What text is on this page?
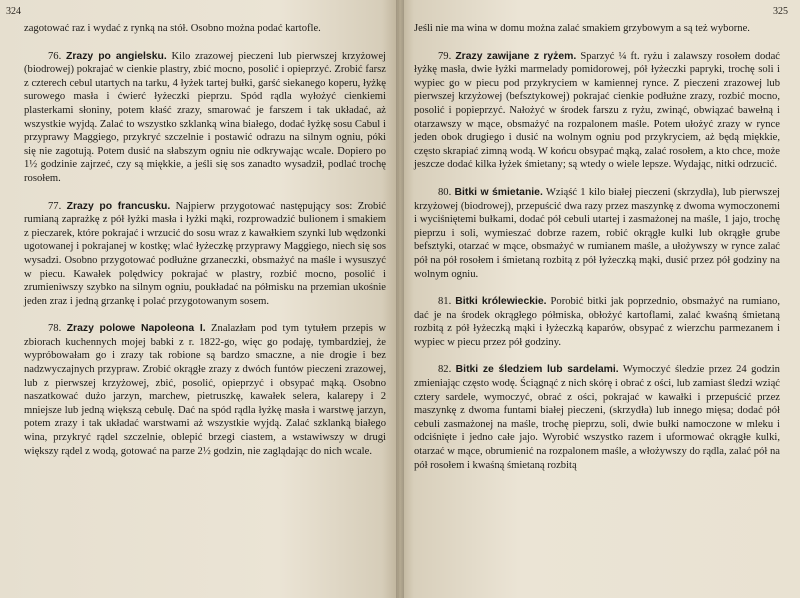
324

zagotować raz i wydać z rynką na stół. Osobno można podać kartofle.

76. Zrazy po angielsku. Kilo zrazowej pieczeni lub pierwszej krzyżowej (biodrowej) pokrajać w cienkie plastry, zbić mocno, posolić i opieprzyć. Zrobić farsz z czterech cebul utartych na tarku, 4 łyżek tartej bułki, garść siekanego koperu, łyżkę surowego masła i ćwierć łyżeczki pieprzu. Spód rądla wyłożyć cienkiemi plasterkami słoniny, potem kłaść zrazy, smarować je farszem i tak układać, aż wszystkie wyjdą. Zalać to wszystko szklanką wina białego, dodać łyżkę sosu Cabul i przyprawy Maggiego, przykryć szczelnie i postawić odrazu na silnym ogniu, póki się nie zagotują. Potem dusić na słabszym ogniu nie odkrywając wcale. Dopiero po 1½ godzinie zajrzeć, czy są miękkie, a jeśli się sos zanadto wysadził, podlać trochę rosołem.

77. Zrazy po francusku. Najpierw przygotować następujący sos: Zrobić rumianą zaprażkę z pół łyżki masła i łyżki mąki, rozprowadzić bulionem i smakiem z pieczarek, które pokrajać i wrzucić do sosu wraz z kawałkiem szynki lub wędzonki ugotowanej i pokrajanej w kostkę; wlać łyżeczkę przyprawy Maggiego, niech się sos wysadzi. Osobno przygotować podłużne grzaneczki, obsmażyć na maśle i wysuszyć w piecu. Kawałek polędwicy pokrajać w plastry, rozbić mocno, posolić i zrumieniwszy szybko na silnym ogniu, poukładać na półmisku na przemian ukośnie jeden zraz i jedną grzankę i polać przygotowanym sosem.

78. Zrazy polowe Napoleona I. Znalazłam pod tym tytułem przepis w zbiorach kuchennych mojej babki z r. 1822-go, więc go podaję, tymbardziej, że wypróbowałam go i zrazy tak robione są bardzo smaczne, a nie drogie i bez nadzwyczajnych przypraw. Zrobić okrągłe zrazy z dwóch funtów pieczeni zrazowej, lub z pierwszej krzyżowej, zbić, posolić, opieprzyć i obsypać mąką. Osobno naszatkować dużo jarzyn, marchew, pietruszkę, kawałek selera, kalarepy i 2 mniejsze lub jedną większą cebulę. Dać na spód rądla łyżkę masła i warstwę jarzyn, potem zrazy i tak układać warstwami aż wszystkie wyjdą. Zalać szklanką białego wina, przykryć rądel szczelnie, oblepić brzegi ciastem, a wstawiwszy w drugi większy rądel z wodą, gotować na parze 2½ godzin, nie zaglądając do nich wcale.

325

Jeśli nie ma wina w domu można zalać smakiem grzybowym a są też wyborne.

79. Zrazy zawijane z ryżem. Sparzyć ¼ ft. ryżu i zalawszy rosołem dodać łyżkę masła, dwie łyżki marmelady pomidorowej, pół łyżeczki papryki, trochę soli i wypiec go w piecu pod przykryciem w kamiennej rynce. Z pieczeni zrazowej lub pierwszej krzyżowej (befsztykowej) pokrajać cienkie podłużne zrazy, rozbić mocno, posolić i popieprzyć. Nałożyć w środek farszu z ryżu, zwinąć, obwiązać bawełną i otarzawszy w mące, obsmażyć na rozpalonem maśle. Potem ułożyć zrazy w rynce jeden obok drugiego i dusić na wolnym ogniu pod przykryciem, aż będą miękkie, często skrapiać zimną wodą. W końcu obsypać mąką, zalać rosołem, a kto chce, może jeszcze dodać kilka łyżek śmietany; są wtedy o wiele lepsze. Wydając, nitki odrzucić.

80. Bitki w śmietanie. Wziąść 1 kilo białej pieczeni (skrzydła), lub pierwszej krzyżowej (biodrowej), przepuścić dwa razy przez maszynkę z dwoma wymoczonemi i wyciśniętemi bułkami, dodać pół cebuli utartej i zasmażonej na maśle, 1 jajo, trochę pieprzu i soli, wymieszać dobrze razem, robić okrągłe kulki lub okrągłe grube befsztyki, otarzać w mące, obsmażyć w rumianem maśle, a ułożywszy w rynce zalać pół na pół rosołem i śmietaną rozbitą z pół łyżeczką mąki, dusić przez pół godziny na wolnym ogniu.

81. Bitki królewieckie. Porobić bitki jak poprzednio, obsmażyć na rumiano, dać je na środek okrągłego półmiska, obłożyć kartoflami, zalać kwaśną śmietaną rozbitą z pół łyżeczką mąki i łyżeczką kaparów, obsypać z wierzchu parmezanem i wypiec w piecu przez pół godziny.

82. Bitki ze śledziem lub sardelami. Wymoczyć śledzie przez 24 godzin zmieniając często wodę. Ściągnąć z nich skórę i obrać z ości, lub zamiast śledzi wziąć cztery sardele, wymoczyć, obrać z ości, pokrajać w kawałki i przepuścić przez maszynkę z dwoma funtami białej pieczeni, (skrzydła) lub innego mięsa; dodać pół cebuli zasmażonej na maśle, trochę pieprzu, soli, dwie bułki namoczone w mleku i odciśnięte i jedno całe jajo. Wyrobić wszystko razem i uformować okrągłe kulki, otarzać w mące, obrumienić na rozpalonem maśle, a włożywszy do rądla, zalać pół na pół rosołem i kwaśną śmietaną rozbitą
